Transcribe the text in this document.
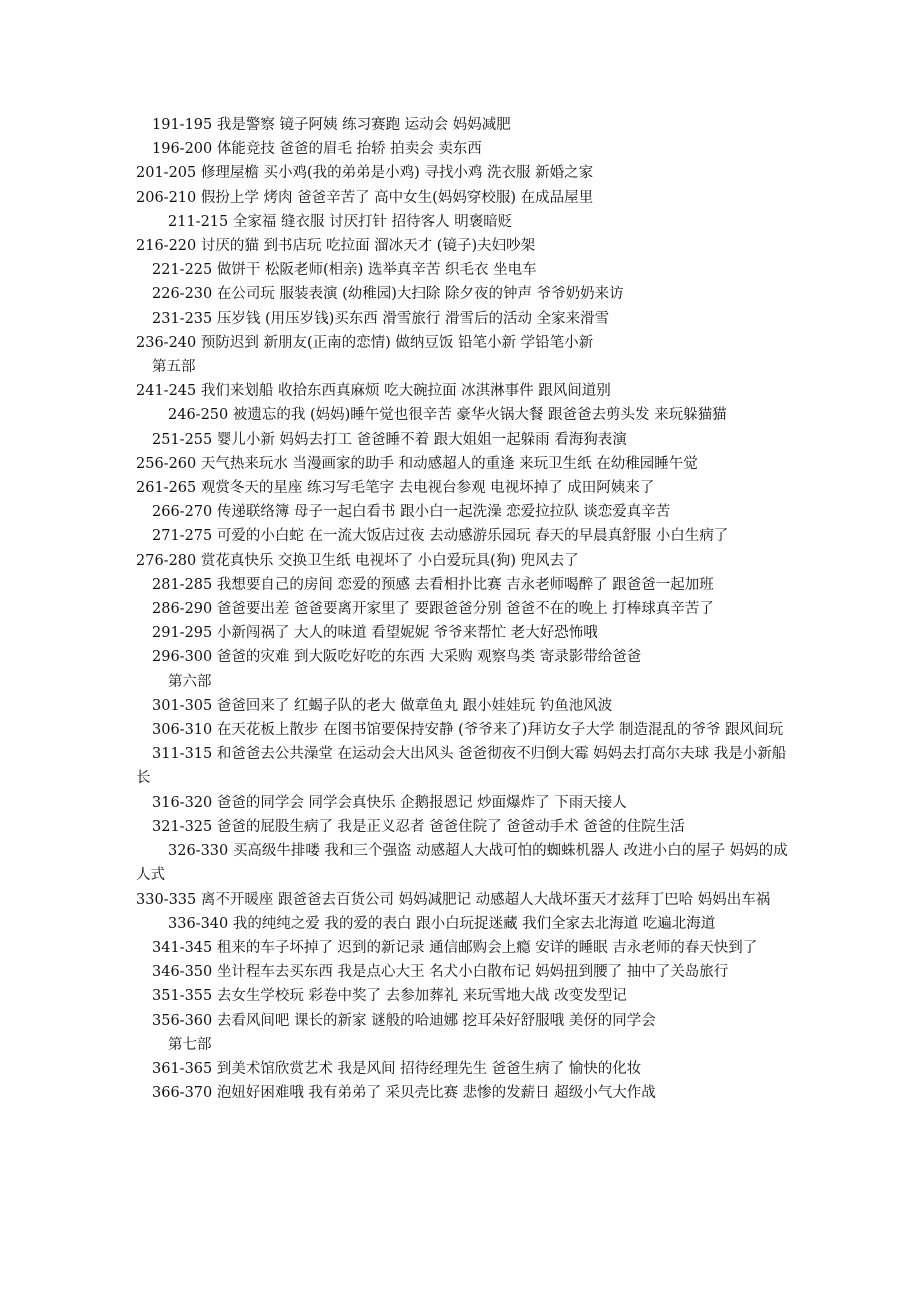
191-195 我是警察 镜子阿姨 练习赛跑 运动会 妈妈减肥

196-200 体能竞技 爸爸的眉毛 抬轿 拍卖会 卖东西

201-205 修理屋檐 买小鸡(我的弟弟是小鸡) 寻找小鸡 洗衣服 新婚之家

206-210 假扮上学 烤肉 爸爸辛苦了 高中女生(妈妈穿校服) 在成品屋里

211-215 全家福 缝衣服 讨厌打针 招待客人 明褒暗贬

216-220 讨厌的猫 到书店玩 吃拉面 溜冰天才 (镜子)夫妇吵架

221-225 做饼干 松阪老师(相亲) 选举真辛苦 织毛衣 坐电车

226-230 在公司玩 服装表演 (幼稚园)大扫除 除夕夜的钟声 爷爷奶奶来访

231-235 压岁钱 (用压岁钱)买东西 滑雪旅行 滑雪后的活动 全家来滑雪

236-240 预防迟到 新朋友(正南的恋情) 做纳豆饭 铅笔小新 学铅笔小新

第五部

241-245 我们来划船 收拾东西真麻烦 吃大碗拉面 冰淇淋事件 跟风间道别

246-250 被遗忘的我 (妈妈)睡午觉也很辛苦 豪华火锅大餐 跟爸爸去剪头发 来玩躲猫猫

251-255 婴儿小新 妈妈去打工 爸爸睡不着 跟大姐姐一起躲雨 看海狗表演

256-260 天气热来玩水 当漫画家的助手 和动感超人的重逢 来玩卫生纸 在幼稚园睡午觉

261-265 观赏冬天的星座 练习写毛笔字 去电视台参观 电视坏掉了 成田阿姨来了

266-270 传递联络簿 母子一起白看书 跟小白一起洗澡 恋爱拉拉队 谈恋爱真辛苦

271-275 可爱的小白蛇 在一流大饭店过夜 去动感游乐园玩 春天的早晨真舒服 小白生病了

276-280 赏花真快乐 交换卫生纸 电视坏了 小白爱玩具(狗) 兜风去了

281-285 我想要自己的房间 恋爱的预感 去看相扑比赛 吉永老师喝醉了 跟爸爸一起加班

286-290 爸爸要出差 爸爸要离开家里了 要跟爸爸分别 爸爸不在的晚上 打棒球真辛苦了

291-295 小新闯祸了 大人的味道 看望妮妮 爷爷来帮忙 老大好恐怖哦

296-300 爸爸的灾难 到大阪吃好吃的东西 大采购 观察鸟类 寄录影带给爸爸

第六部

301-305 爸爸回来了 红蝎子队的老大 做章鱼丸 跟小娃娃玩 钓鱼池风波

306-310 在天花板上散步 在图书馆要保持安静 (爷爷来了)拜访女子大学 制造混乱的爷爷 跟风间玩

311-315 和爸爸去公共澡堂 在运动会大出风头 爸爸彻夜不归倒大霉 妈妈去打高尔夫球 我是小新船 长

316-320 爸爸的同学会 同学会真快乐 企鹅报恩记 炒面爆炸了 下雨天接人

321-325 爸爸的屁股生病了 我是正义忍者 爸爸住院了 爸爸动手术 爸爸的住院生活

326-330 买高级牛排喽 我和三个强盗 动感超人大战可怕的蜘蛛机器人 改进小白的屋子 妈妈的成人式

330-335 离不开暖座 跟爸爸去百货公司 妈妈减肥记 动感超人大战坏蛋天才兹拜丁巴哈 妈妈出车祸

336-340 我的纯纯之爱 我的爱的表白 跟小白玩捉迷藏 我们全家去北海道 吃遍北海道

341-345 租来的车子坏掉了 迟到的新记录 通信邮购会上瘾 安详的睡眠 吉永老师的春天快到了

346-350 坐计程车去买东西 我是点心大王 名犬小白散布记 妈妈扭到腰了 抽中了关岛旅行

351-355 去女生学校玩 彩卷中奖了 去参加葬礼 来玩雪地大战 改变发型记

356-360 去看风间吧 课长的新家 谜般的哈迪娜 挖耳朵好舒服哦 美伢的同学会

第七部

361-365 到美术馆欣赏艺术 我是风间 招待经理先生 爸爸生病了 愉快的化妆

366-370 泡妞好困难哦 我有弟弟了 采贝壳比赛 悲惨的发薪日 超级小气大作战
